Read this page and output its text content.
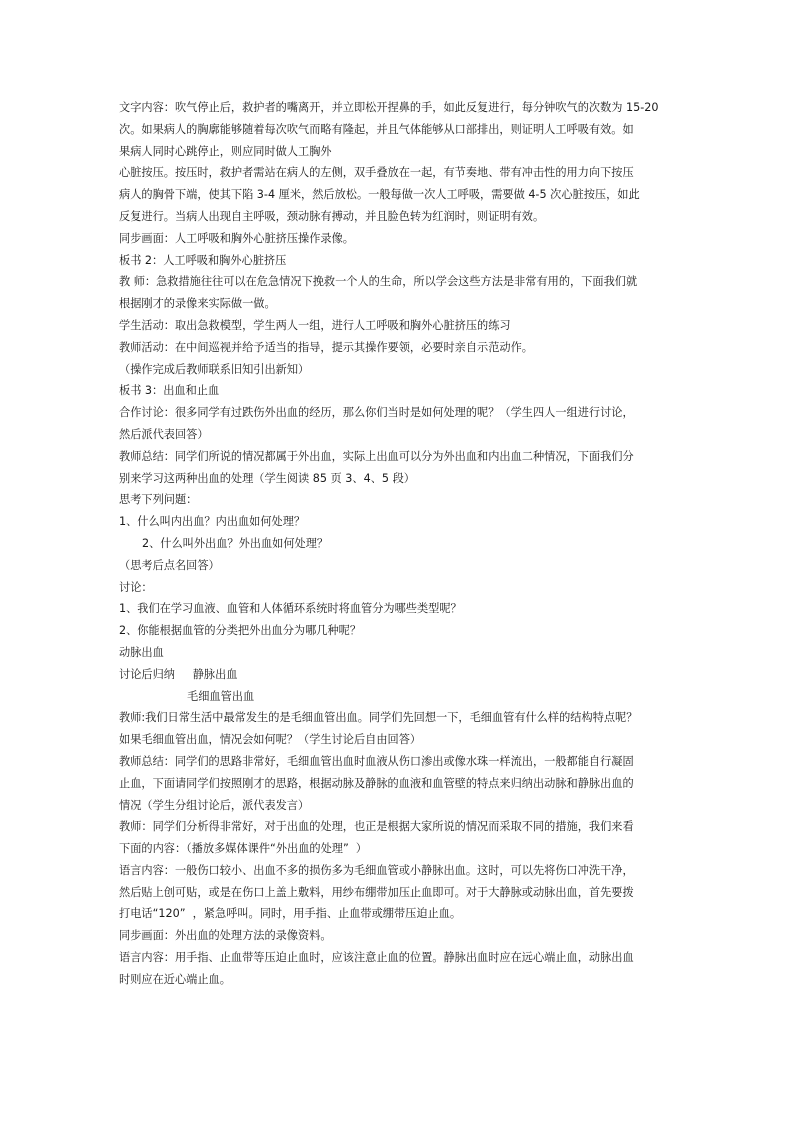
文字内容：吹气停止后，救护者的嘴离开，并立即松开捏鼻的手，如此反复进行，每分钟吹气的次数为 15-20
次。如果病人的胸廓能够随着每次吹气而略有隆起，并且气体能够从口部排出，则证明人工呼吸有效。如
果病人同时心跳停止，则应同时做人工胸外
心脏按压。按压时，救护者需站在病人的左侧，双手叠放在一起，有节奏地、带有冲击性的用力向下按压
病人的胸骨下端，使其下陷 3-4 厘米，然后放松。一般每做一次人工呼吸，需要做 4-5 次心脏按压，如此
反复进行。当病人出现自主呼吸，颈动脉有搏动，并且脸色转为红润时，则证明有效。
同步画面：人工呼吸和胸外心脏挤压操作录像。
板书 2：人工呼吸和胸外心脏挤压
教 师：急救措施往往可以在危急情况下挽救一个人的生命，所以学会这些方法是非常有用的，下面我们就
根据刚才的录像来实际做一做。
学生活动：取出急救模型，学生两人一组，进行人工呼吸和胸外心脏挤压的练习
教师活动：在中间巡视并给予适当的指导，提示其操作要领，必要时亲自示范动作。
（操作完成后教师联系旧知引出新知）
板书 3：出血和止血
合作讨论：很多同学有过跌伤外出血的经历，那么你们当时是如何处理的呢？（学生四人一组进行讨论，
然后派代表回答）
教师总结：同学们所说的情况都属于外出血，实际上出血可以分为外出血和内出血二种情况，下面我们分
别来学习这两种出血的处理（学生阅读 85 页 3、4、5 段）
思考下列问题：
1、什么叫内出血？内出血如何处理？
2、什么叫外出血？外出血如何处理？
（思考后点名回答）
讨论：
1、我们在学习血液、血管和人体循环系统时将血管分为哪些类型呢？
2、你能根据血管的分类把外出血分为哪几种呢？
动脉出血
讨论后归纳     静脉出血
毛细血管出血
教师:我们日常生活中最常发生的是毛细血管出血。同学们先回想一下，毛细血管有什么样的结构特点呢？
如果毛细血管出血，情况会如何呢？（学生讨论后自由回答）
教师总结：同学们的思路非常好，毛细血管出血时血液从伤口渗出或像水珠一样流出，一般都能自行凝固
止血，下面请同学们按照刚才的思路，根据动脉及静脉的血液和血管壁的特点来归纳出动脉和静脉出血的
情况（学生分组讨论后，派代表发言）
教师：同学们分析得非常好，对于出血的处理，也正是根据大家所说的情况而采取不同的措施，我们来看
下面的内容：（播放多媒体课件“外出血的处理”  ）
语言内容：一般伤口较小、出血不多的损伤多为毛细血管或小静脉出血。这时，可以先将伤口冲洗干净，
然后贴上创可贴，或是在伤口上盖上敷料，用纱布绷带加压止血即可。对于大静脉或动脉出血，首先要拨
打电话“120”  ，紧急呼叫。同时，用手指、止血带或绷带压迫止血。
同步画面：外出血的处理方法的录像资料。
语言内容：用手指、止血带等压迫止血时，应该注意止血的位置。静脉出血时应在远心端止血，动脉出血
时则应在近心端止血。
